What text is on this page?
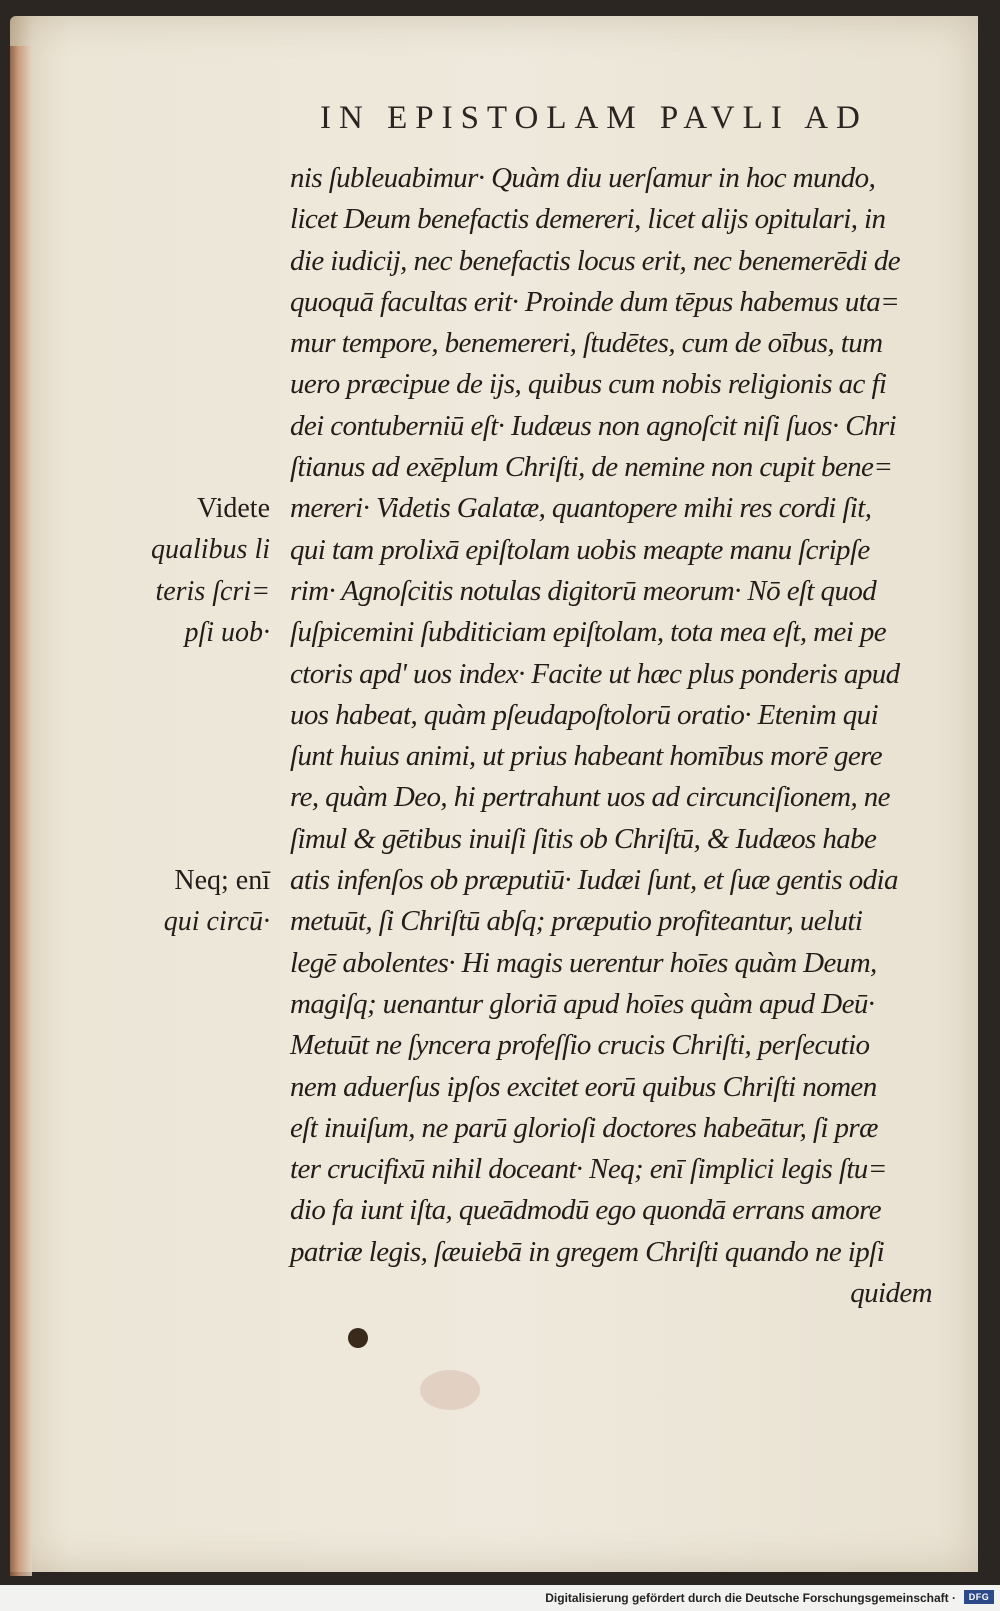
IN EPISTOLAM PAVLI AD
nis ſubleuabimur· Quàm diu uerſamur in hoc mundo,
licet Deum benefactis demereri, licet alijs opitulari, in
die iudicij, nec benefactis locus erit, nec benemerēdi de
quoquā facultas erit· Proinde dum tēpus habemus uta=
mur tempore, benemereri, ſtudētes, cum de oībus, tum
uero præcipue de ijs, quibus cum nobis religionis ac fi
dei contuberniū eſt· Iudæus non agnoſcit niſi ſuos· Chri
ſtianus ad exēplum Chriſti, de nemine non cupit bene=
mereri· Videtis Galatæ, quantopere mihi res cordi ſit,
qui tam prolixā epiſtolam uobis meapte manu ſcripſe
rim· Agnoſcitis notulas digitorū meorum· Nō eſt quod
ſuſpicemini ſubditiciam epiſtolam, tota mea eſt, mei pe
ctoris apd' uos index· Facite ut hæc plus ponderis apud
uos habeat, quàm pſeudapoſtolorū oratio· Etenim qui
ſunt huius animi, ut prius habeant homībus morē gere
re, quàm Deo, hi pertrahunt uos ad circunciſionem, ne
ſimul & gētibus inuiſi ſitis ob Chriſtū, & Iudæos habe
atis infenſos ob præputiū· Iudæi ſunt, et ſuæ gentis odia
metuūt, ſi Chriſtū abſq; præputio profiteantur, ueluti
legē abolentes· Hi magis uerentur hoīes quàm Deum,
magiſq; uenantur gloriā apud hoīes quàm apud Deū·
Metuūt ne ſyncera profeſſio crucis Chriſti, perſecutio
nem aduerſus ipſos excitet eorū quibus Chriſti nomen
eſt inuiſum, ne parū glorioſi doctores habeātur, ſi præ
ter crucifixū nihil doceant· Neq; enī ſimplici legis ſtu=
dio fa iunt iſta, queādmodū ego quondā errans amore
patriæ legis, ſæuiebā in gregem Chriſti quando ne ipſi
quidem
Videte
qualibus li
teris ſcri=
pſi uob·
Neq; enī
qui circū·
Digitalisierung gefördert durch die Deutsche Forschungsgemeinschaft ·	DFG
